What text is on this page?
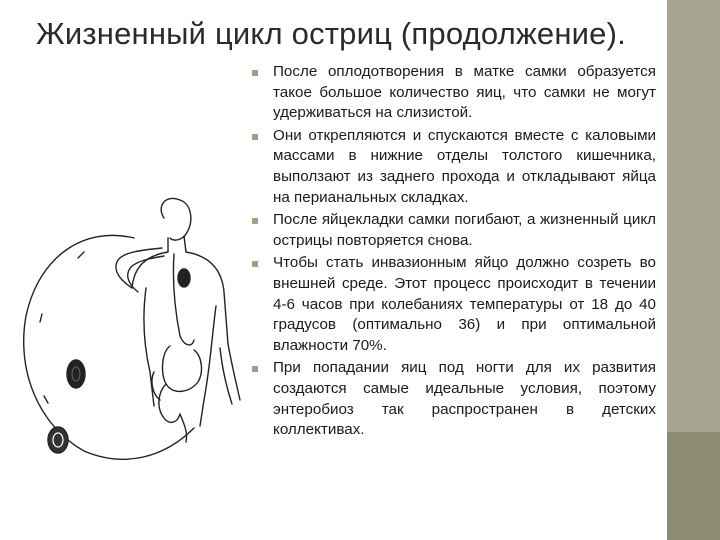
Жизненный цикл остриц (продолжение).
После оплодотворения в матке самки образуется такое большое количество яиц, что самки не могут удерживаться на слизистой.
Они открепляются и спускаются вместе с каловыми массами в нижние отделы толстого кишечника, выползают из заднего прохода и откладывают яйца на перианальных складках.
После яйцекладки самки погибают, а жизненный цикл острицы повторяется снова.
Чтобы стать инвазионным яйцо должно созреть во внешней среде. Этот процесс происходит в течении 4-6 часов при колебаниях температуры от 18 до 40 градусов (оптимально 36) и при оптимальной влажности 70%.
При попадании яиц под ногти для их развития создаются самые идеальные условия, поэтому энтеробиоз так распространен в детских коллективах.
